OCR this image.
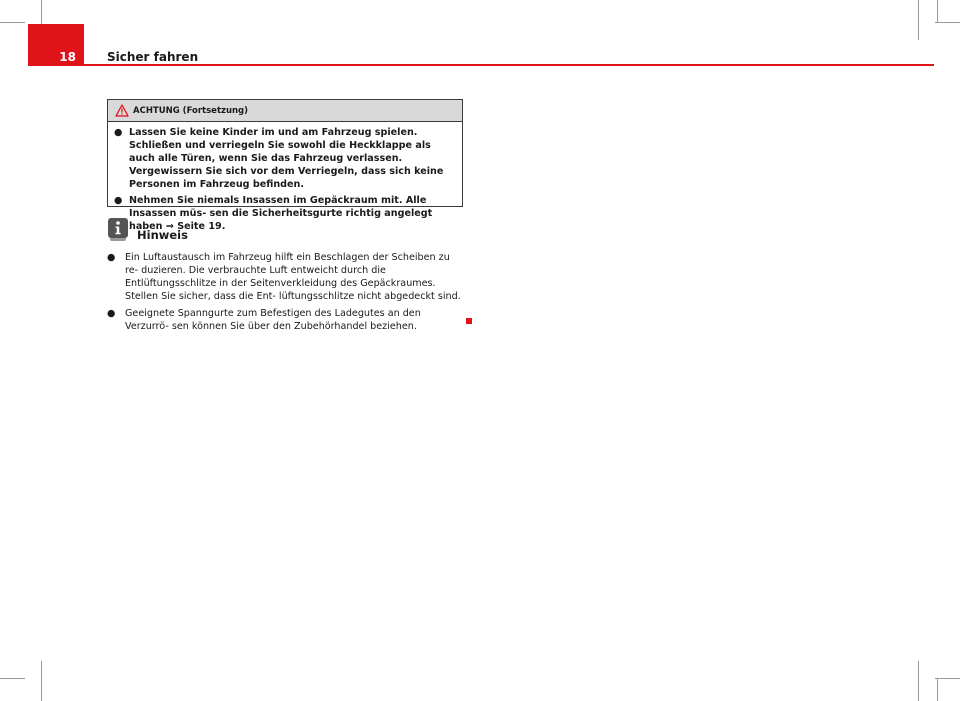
18	Sicher fahren
ACHTUNG (Fortsetzung)
● Lassen Sie keine Kinder im und am Fahrzeug spielen. Schließen und verriegeln Sie sowohl die Heckklappe als auch alle Türen, wenn Sie das Fahrzeug verlassen. Vergewissern Sie sich vor dem Verriegeln, dass sich keine Personen im Fahrzeug befinden.
● Nehmen Sie niemals Insassen im Gepäckraum mit. Alle Insassen müs- sen die Sicherheitsgurte richtig angelegt haben ⇒ Seite 19.
Hinweis
● Ein Luftaustausch im Fahrzeug hilft ein Beschlagen der Scheiben zu re- duzieren. Die verbrauchte Luft entweicht durch die Entlüftungsschlitze in der Seitenverkleidung des Gepäckraumes. Stellen Sie sicher, dass die Ent- lüftungsschlitze nicht abgedeckt sind.
● Geeignete Spanngurte zum Befestigen des Ladegutes an den Verzurrö- sen können Sie über den Zubehörhandel beziehen.
